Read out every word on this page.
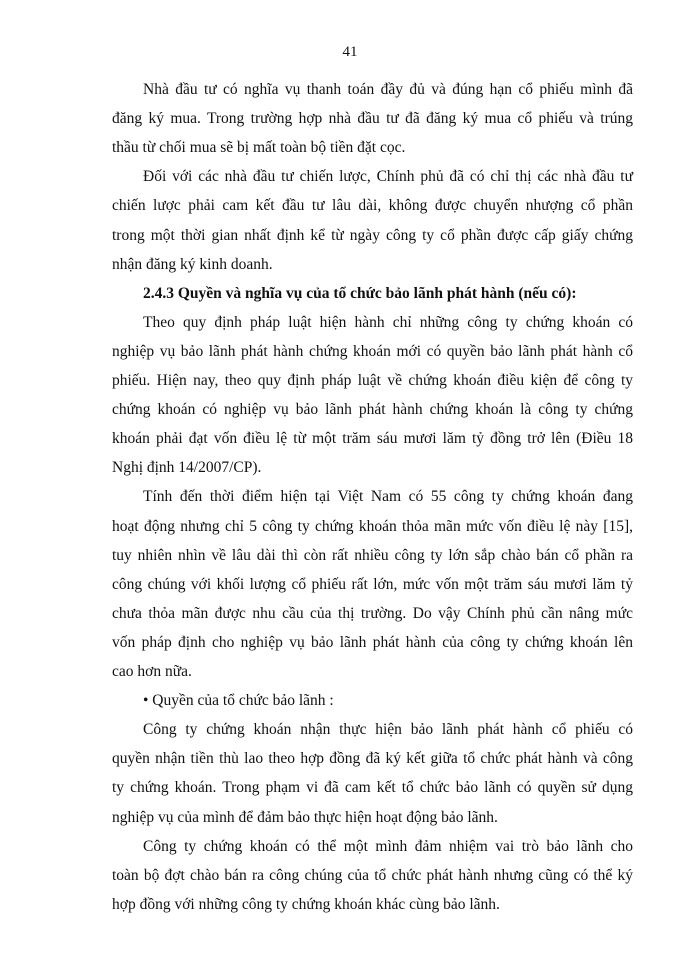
41
Nhà đầu tư có nghĩa vụ thanh toán đầy đủ và đúng hạn cổ phiếu mình đã
đăng ký mua. Trong trường hợp nhà đầu tư đã đăng ký mua cổ phiếu và trúng
thầu từ chối mua sẽ bị mất toàn bộ tiền đặt cọc.
Đối với các nhà đầu tư chiến lược, Chính phủ đã có chỉ thị các nhà đầu tư
chiến lược phải cam kết đầu tư lâu dài, không được chuyển nhượng cổ phần
trong một thời gian nhất định kể từ ngày công ty cổ phần được cấp giấy chứng
nhận đăng ký kinh doanh.
2.4.3 Quyền và nghĩa vụ của tổ chức bảo lãnh phát hành (nếu có):
Theo quy định pháp luật hiện hành chỉ những công ty chứng khoán có
nghiệp vụ bảo lãnh phát hành chứng khoán mới có quyền bảo lãnh phát hành cổ
phiếu. Hiện nay, theo quy định pháp luật về chứng khoán điều kiện để công ty
chứng khoán có nghiệp vụ bảo lãnh phát hành chứng khoán là công ty chứng
khoán phải đạt vốn điều lệ từ một trăm sáu mươi lăm tỷ đồng trở lên (Điều 18
Nghị định 14/2007/CP).
Tính đến thời điểm hiện tại Việt Nam có 55 công ty chứng khoán đang
hoạt động nhưng chỉ 5 công ty chứng khoán thỏa mãn mức vốn điều lệ này [15],
tuy nhiên nhìn về lâu dài thì còn rất nhiều công ty lớn sắp chào bán cổ phần ra
công chúng với khối lượng cổ phiếu rất lớn, mức vốn một trăm sáu mươi lăm tỷ
chưa thỏa mãn được nhu cầu của thị trường. Do vậy Chính phủ cần nâng mức
vốn pháp định cho nghiệp vụ bảo lãnh phát hành của công ty chứng khoán lên
cao hơn nữa.
• Quyền của tổ chức bảo lãnh :
Công ty chứng khoán nhận thực hiện bảo lãnh phát hành cổ phiếu có
quyền nhận tiền thù lao theo hợp đồng đã ký kết giữa tổ chức phát hành và công
ty chứng khoán. Trong phạm vi đã cam kết tổ chức bảo lãnh có quyền sử dụng
nghiệp vụ của mình để đảm bảo thực hiện hoạt động bảo lãnh.
Công ty chứng khoán có thể một mình đảm nhiệm vai trò bảo lãnh cho
toàn bộ đợt chào bán ra công chúng của tổ chức phát hành nhưng cũng có thể ký
hợp đồng với những công ty chứng khoán khác cùng bảo lãnh.
